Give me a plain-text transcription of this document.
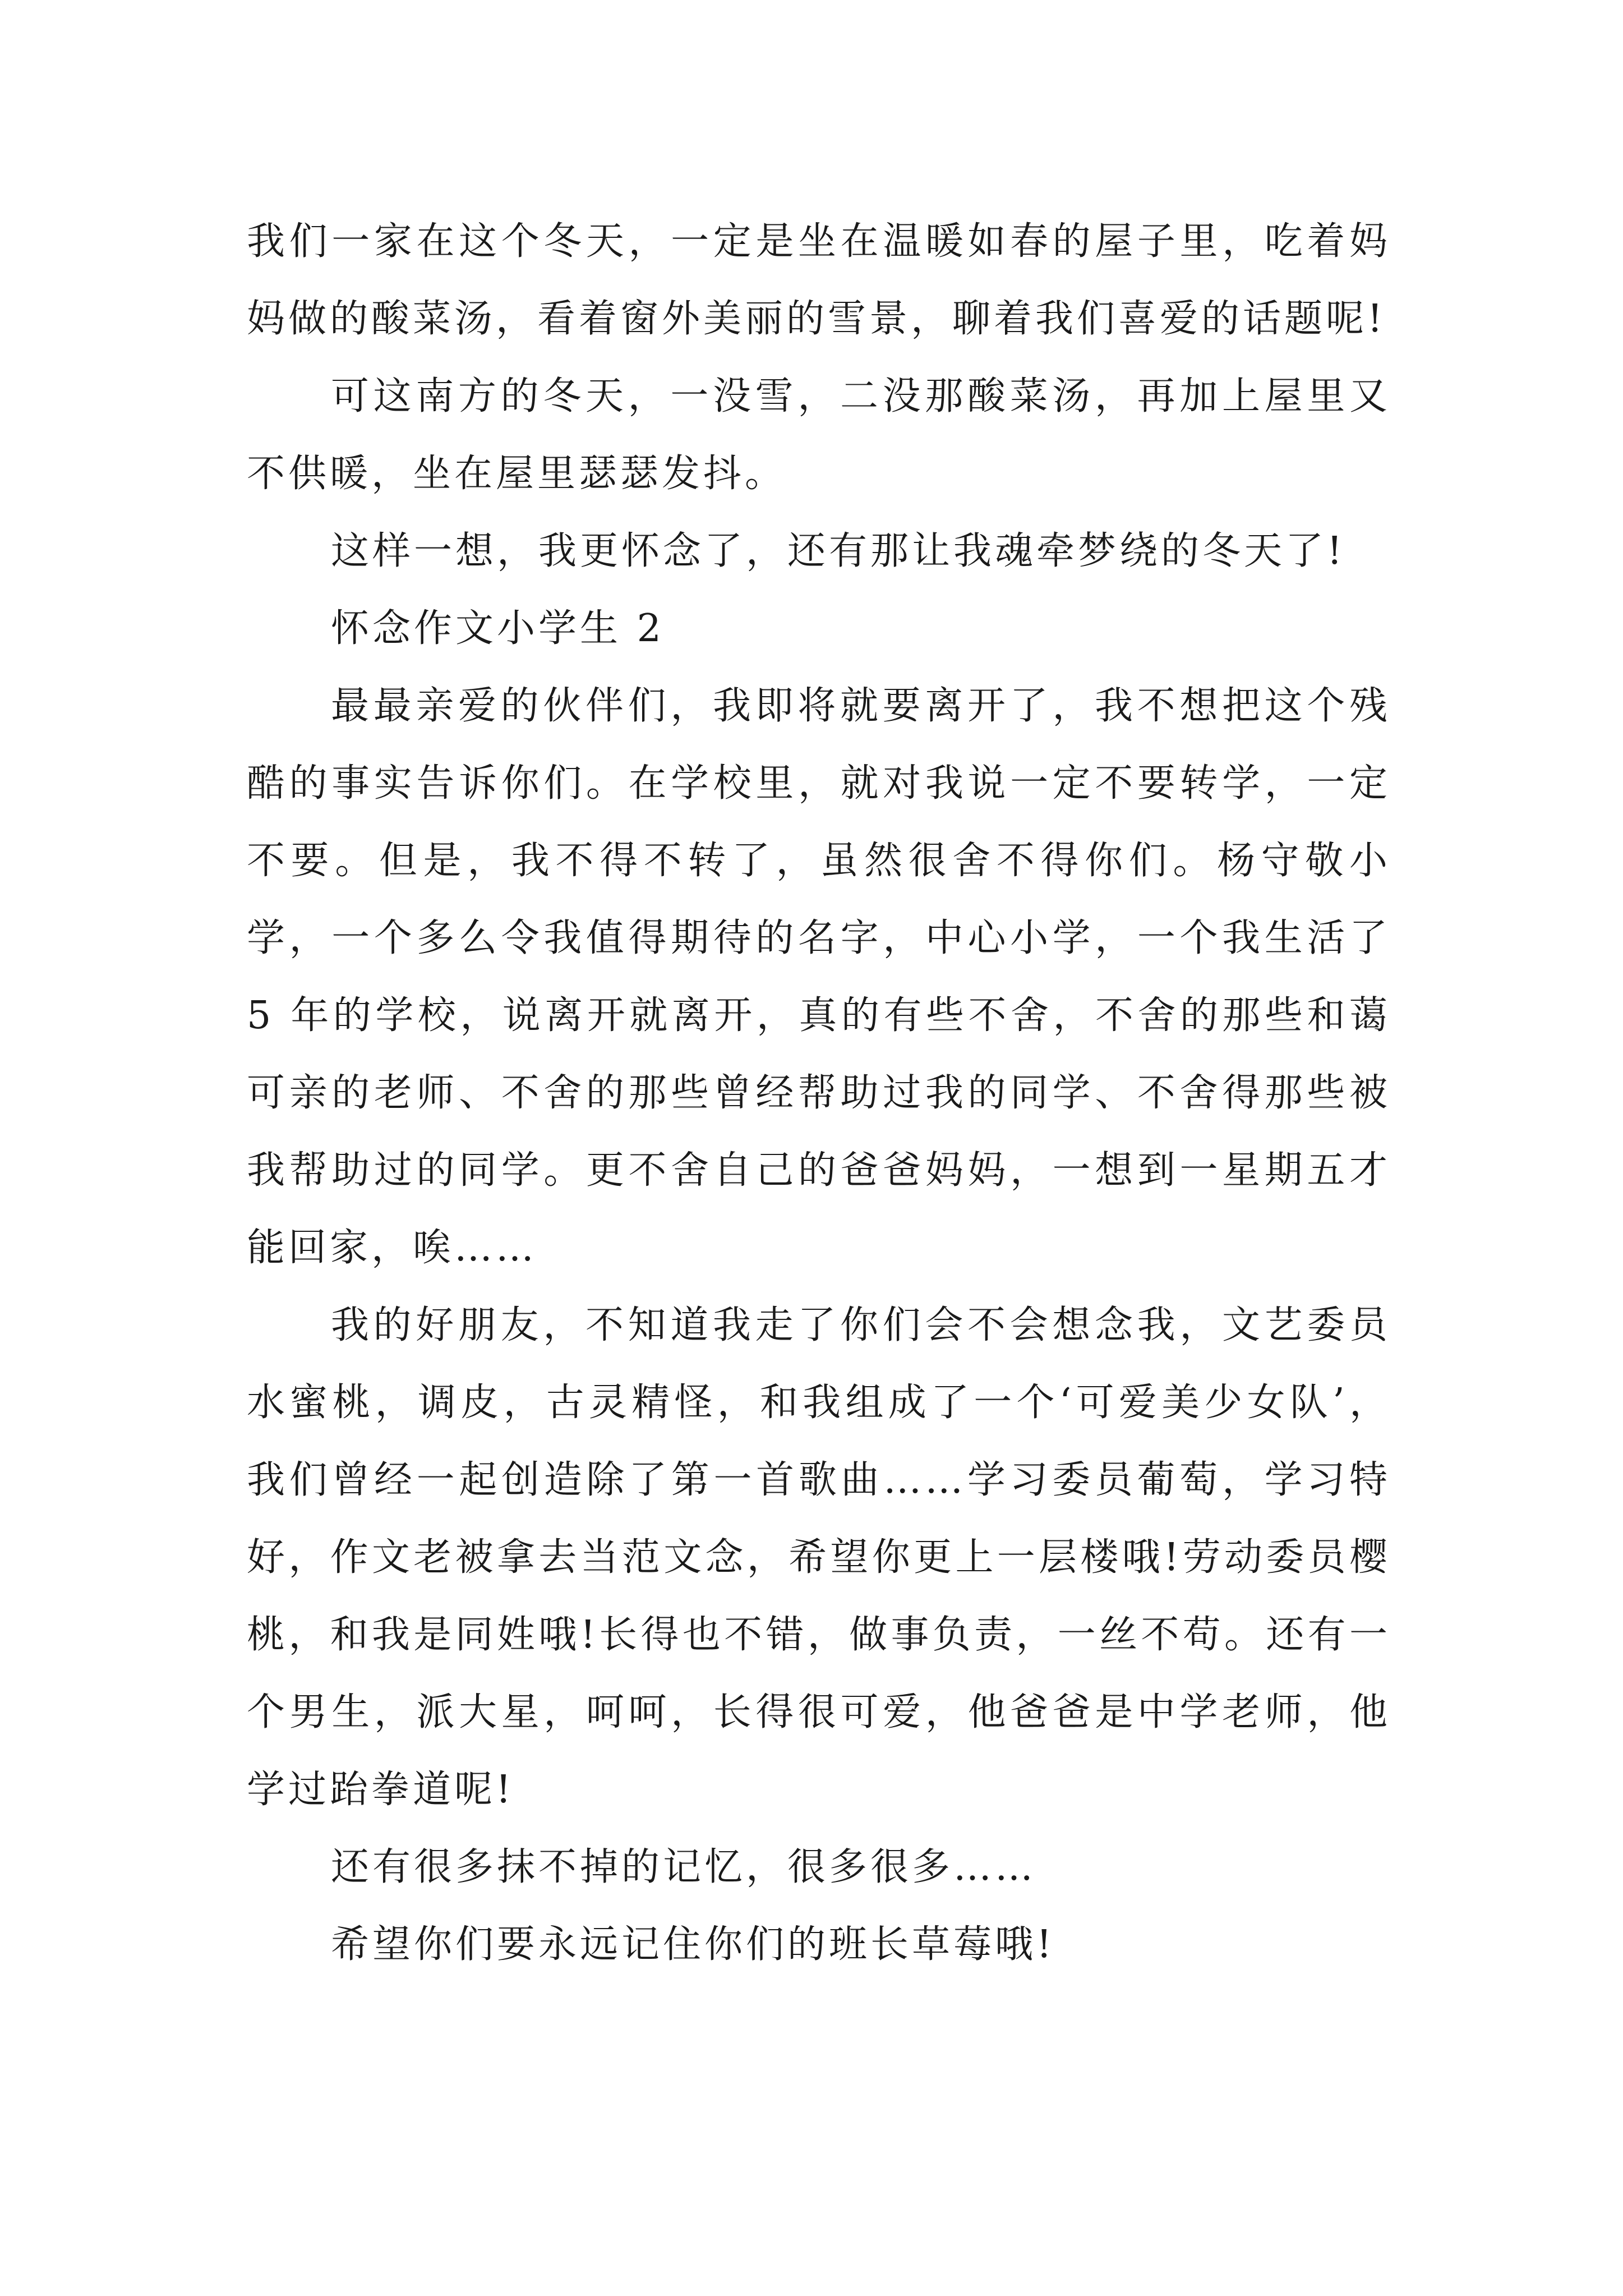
我们一家在这个冬天，一定是坐在温暖如春的屋子里，吃着妈妈做的酸菜汤，看着窗外美丽的雪景，聊着我们喜爱的话题呢!

可这南方的冬天，一没雪，二没那酸菜汤，再加上屋里又不供暖，坐在屋里瑟瑟发抖。

这样一想，我更怀念了，还有那让我魂牵梦绕的冬天了!

怀念作文小学生 2

最最亲爱的伙伴们，我即将就要离开了，我不想把这个残酷的事实告诉你们。在学校里，就对我说一定不要转学，一定不要。但是，我不得不转了，虽然很舍不得你们。杨守敬小学，一个多么令我值得期待的名字，中心小学，一个我生活了 5 年的学校，说离开就离开，真的有些不舍，不舍的那些和蔼可亲的老师、不舍的那些曾经帮助过我的同学、不舍得那些被我帮助过的同学。更不舍自己的爸爸妈妈，一想到一星期五才能回家，唉……

我的好朋友，不知道我走了你们会不会想念我，文艺委员水蜜桃，调皮，古灵精怪，和我组成了一个‘可爱美少女队’，我们曾经一起创造除了第一首歌曲……学习委员葡萄，学习特好，作文老被拿去当范文念，希望你更上一层楼哦!劳动委员樱桃，和我是同姓哦!长得也不错，做事负责，一丝不苟。还有一个男生，派大星，呵呵，长得很可爱，他爸爸是中学老师，他学过跆拳道呢!

还有很多抹不掉的记忆，很多很多……

希望你们要永远记住你们的班长草莓哦!
